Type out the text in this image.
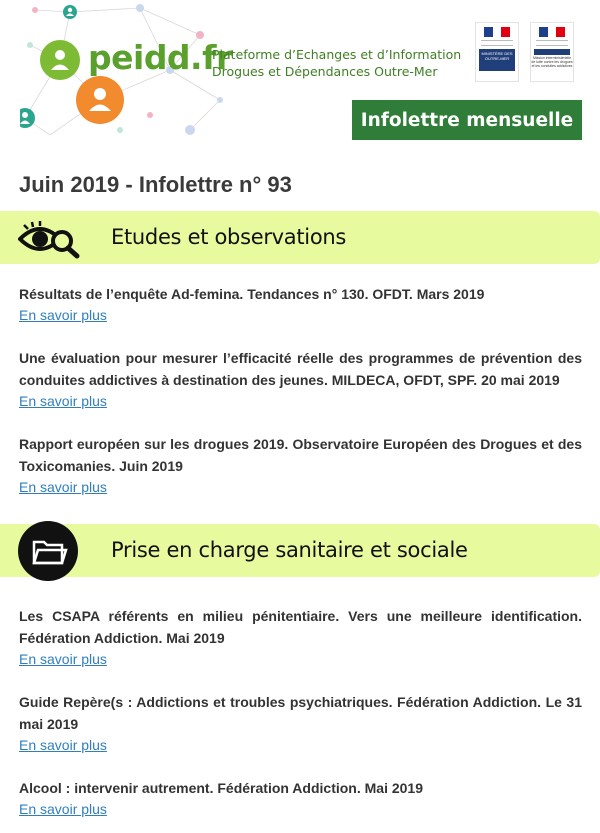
peidd.fr
Plateforme d’Echanges et d’Information
Drogues et Dépendances Outre-Mer
MINISTÈRE DES OUTRE-MER	Mission interministérielle de lutte contre les drogues et les conduites addictives
Infolettre mensuelle
Juin 2019 - Infolettre n° 93
Etudes et observations

Résultats de l’enquête Ad-femina. Tendances n° 130. OFDT. Mars 2019

En savoir plus

Une évaluation pour mesurer l’efficacité réelle des programmes de prévention des conduites addictives à destination des jeunes. MILDECA, OFDT, SPF. 20 mai 2019

En savoir plus

Rapport européen sur les drogues 2019. Observatoire Européen des Drogues et des Toxicomanies. Juin 2019

En savoir plus
Prise en charge sanitaire et sociale

Les CSAPA référents en milieu pénitentiaire. Vers une meilleure identification. Fédération Addiction. Mai 2019

En savoir plus

Guide Repère(s : Addictions et troubles psychiatriques. Fédération Addiction. Le 31 mai 2019

En savoir plus

Alcool : intervenir autrement. Fédération Addiction. Mai 2019

En savoir plus
